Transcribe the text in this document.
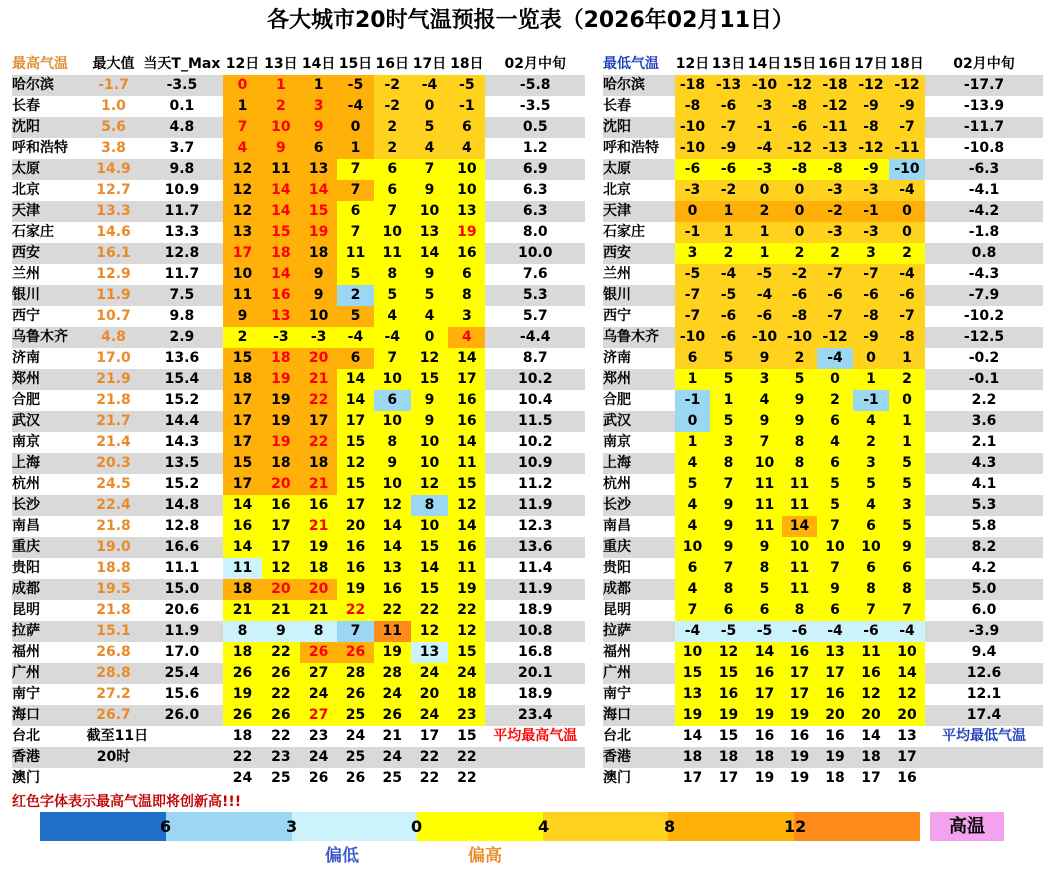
各大城市20时气温预报一览表（2026年02月11日）
最高气温	最大值	当天T_Max	12日	13日	14日	15日	16日	17日	18日	02月中旬
哈尔滨	-1.7	-3.5	0	1	1	-5	-2	-4	-5	-5.8
长春	1.0	0.1	1	2	3	-4	-2	0	-1	-3.5
沈阳	5.6	4.8	7	10	9	0	2	5	6	0.5
呼和浩特	3.8	3.7	4	9	6	1	2	4	4	1.2
太原	14.9	9.8	12	11	13	7	6	7	10	6.9
北京	12.7	10.9	12	14	14	7	6	9	10	6.3
天津	13.3	11.7	12	14	15	6	7	10	13	6.3
石家庄	14.6	13.3	13	15	19	7	10	13	19	8.0
西安	16.1	12.8	17	18	18	11	11	14	16	10.0
兰州	12.9	11.7	10	14	9	5	8	9	6	7.6
银川	11.9	7.5	11	16	9	2	5	5	8	5.3
西宁	10.7	9.8	9	13	10	5	4	4	3	5.7
乌鲁木齐	4.8	2.9	2	-3	-3	-4	-4	0	4	-4.4
济南	17.0	13.6	15	18	20	6	7	12	14	8.7
郑州	21.9	15.4	18	19	21	14	10	15	17	10.2
合肥	21.8	15.2	17	19	22	14	6	9	16	10.4
武汉	21.7	14.4	17	19	17	17	10	9	16	11.5
南京	21.4	14.3	17	19	22	15	8	10	14	10.2
上海	20.3	13.5	15	18	18	12	9	10	11	10.9
杭州	24.5	15.2	17	20	21	15	10	12	15	11.2
长沙	22.4	14.8	14	16	16	17	12	8	12	11.9
南昌	21.8	12.8	16	17	21	20	14	10	14	12.3
重庆	19.0	16.6	14	17	19	16	14	15	16	13.6
贵阳	18.8	11.1	11	12	18	16	13	14	11	11.4
成都	19.5	15.0	18	20	20	19	16	15	19	11.9
昆明	21.8	20.6	21	21	21	22	22	22	22	18.9
拉萨	15.1	11.9	8	9	8	7	11	12	12	10.8
福州	26.8	17.0	18	22	26	26	19	13	15	16.8
广州	28.8	25.4	26	26	27	28	28	24	24	20.1
南宁	27.2	15.6	19	22	24	26	24	20	18	18.9
海口	26.7	26.0	26	26	27	25	26	24	23	23.4
台北	截至11日		18	22	23	24	21	17	15	平均最高气温
香港	20时		22	23	24	25	24	22	22	
澳门			24	25	26	26	25	22	22	
最低气温	12日	13日	14日	15日	16日	17日	18日	02月中旬
哈尔滨	-18	-13	-10	-12	-18	-12	-12	-17.7
长春	-8	-6	-3	-8	-12	-9	-9	-13.9
沈阳	-10	-7	-1	-6	-11	-8	-7	-11.7
呼和浩特	-10	-9	-4	-12	-13	-12	-11	-10.8
太原	-6	-6	-3	-8	-8	-9	-10	-6.3
北京	-3	-2	0	0	-3	-3	-4	-4.1
天津	0	1	2	0	-2	-1	0	-4.2
石家庄	-1	1	1	0	-3	-3	0	-1.8
西安	3	2	1	2	2	3	2	0.8
兰州	-5	-4	-5	-2	-7	-7	-4	-4.3
银川	-7	-5	-4	-6	-6	-6	-6	-7.9
西宁	-7	-6	-6	-8	-7	-8	-7	-10.2
乌鲁木齐	-10	-6	-10	-10	-12	-9	-8	-12.5
济南	6	5	9	2	-4	0	1	-0.2
郑州	1	5	3	5	0	1	2	-0.1
合肥	-1	1	4	9	2	-1	0	2.2
武汉	0	5	9	9	6	4	1	3.6
南京	1	3	7	8	4	2	1	2.1
上海	4	8	10	8	6	3	5	4.3
杭州	5	7	11	11	5	5	5	4.1
长沙	4	9	11	11	5	4	3	5.3
南昌	4	9	11	14	7	6	5	5.8
重庆	10	9	9	10	10	10	9	8.2
贵阳	6	7	8	11	7	6	6	4.2
成都	4	8	5	11	9	8	8	5.0
昆明	7	6	6	8	6	7	7	6.0
拉萨	-4	-5	-5	-6	-4	-6	-4	-3.9
福州	10	12	14	16	13	11	10	9.4
广州	15	15	16	17	17	16	14	12.6
南宁	13	16	17	17	16	12	12	12.1
海口	19	19	19	19	20	20	20	17.4
台北	14	15	16	16	16	14	13	平均最低气温
香港	18	18	18	19	19	18	17	
澳门	17	17	19	19	18	17	16	
红色字体表示最高气温即将创新高!!!
6	3	0	4	8	12	高温
偏低	偏高
